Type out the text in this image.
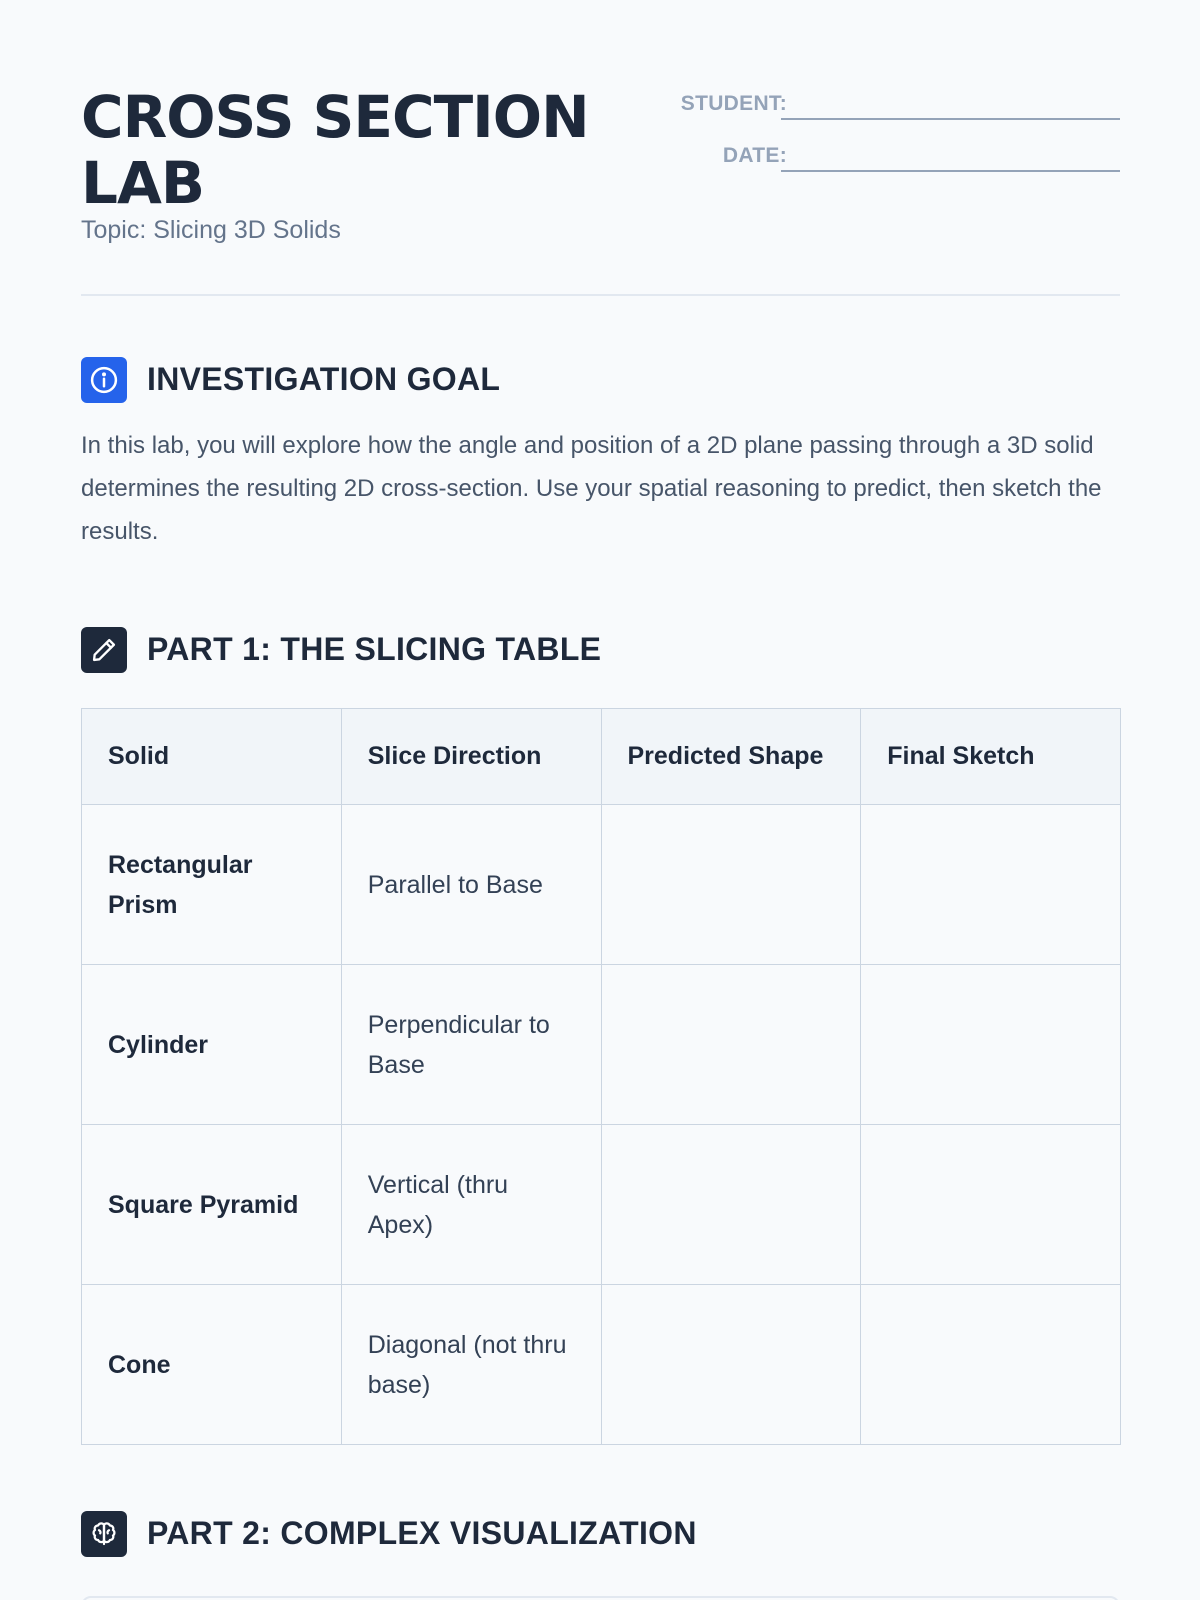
CROSS SECTION LAB
Topic: Slicing 3D Solids
STUDENT:
DATE:
INVESTIGATION GOAL

In this lab, you will explore how the angle and position of a 2D plane passing through a 3D solid determines the resulting 2D cross-section. Use your spatial reasoning to predict, then sketch the results.

PART 1: THE SLICING TABLE
Solid	Slice Direction	Predicted Shape	Final Sketch
Rectangular Prism	Parallel to Base		
Cylinder	Perpendicular to Base		
Square Pyramid	Vertical (thru Apex)		
Cone	Diagonal (not thru base)		
PART 2: COMPLEX VISUALIZATION
